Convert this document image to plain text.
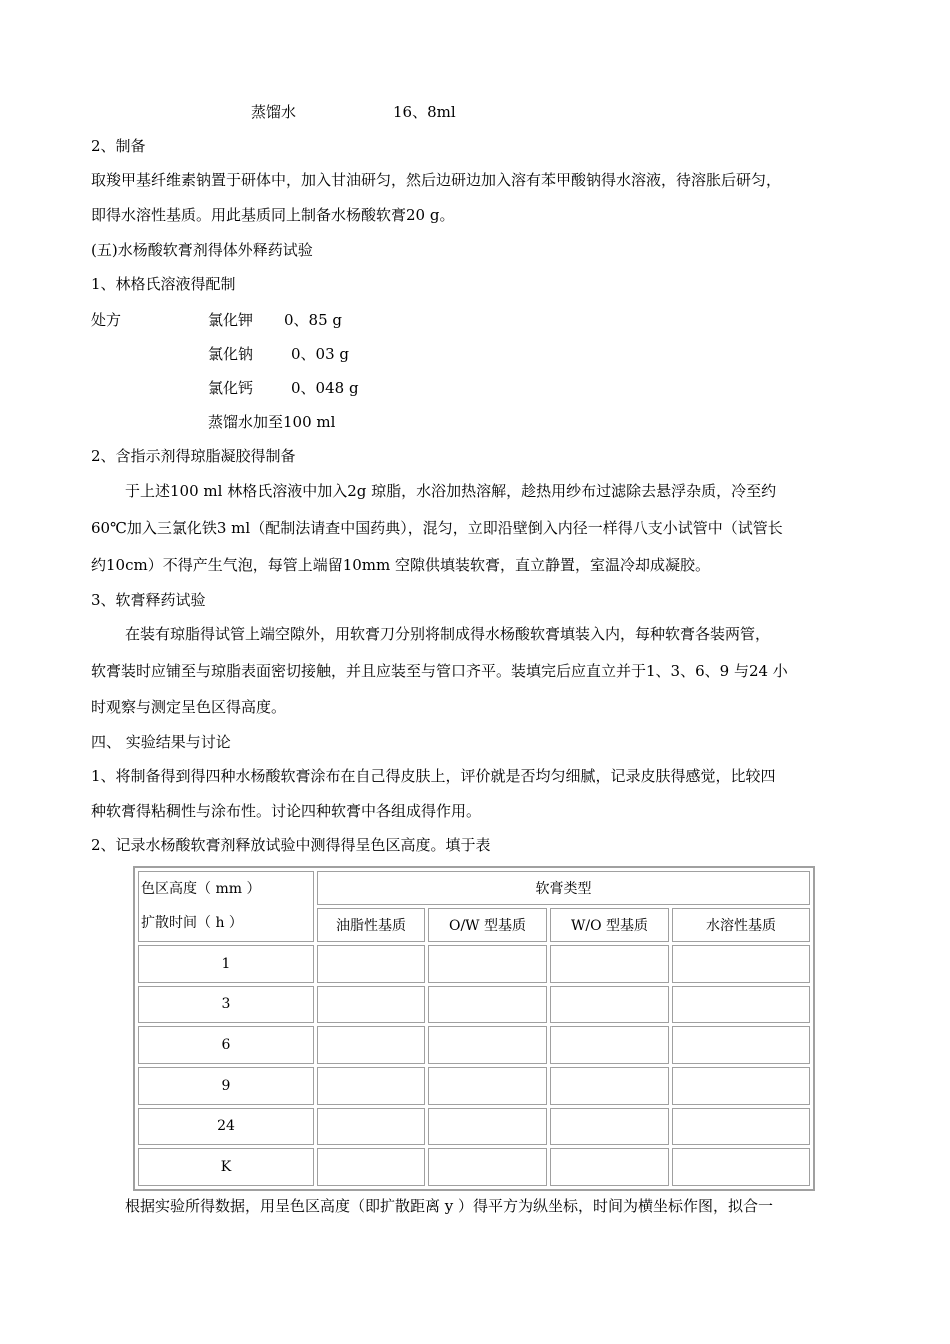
蒸馏水	16、8ml
2、制备
取羧甲基纤维素钠置于研体中，加入甘油研匀，然后边研边加入溶有苯甲酸钠得水溶液，待溶胀后研匀，
即得水溶性基质。用此基质同上制备水杨酸软膏20 g。
(五)水杨酸软膏剂得体外释药试验
1、林格氏溶液得配制
处方	氯化钾 0、85 g
氯化钠	0、03 g
氯化钙	0、048 g
蒸馏水加至100 ml
2、含指示剂得琼脂凝胶得制备
于上述100 ml 林格氏溶液中加入2g 琼脂，水浴加热溶解，趁热用纱布过滤除去悬浮杂质，冷至约
60℃加入三氯化铁3 ml（配制法请查中国药典），混匀，立即沿壁倒入内径一样得八支小试管中（试管长
约10cm）不得产生气泡，每管上端留10mm 空隙供填装软膏，直立静置，室温冷却成凝胶。
3、软膏释药试验
在装有琼脂得试管上端空隙外，用软膏刀分别将制成得水杨酸软膏填装入内，每种软膏各装两管，
软膏装时应铺至与琼脂表面密切接触，并且应装至与管口齐平。装填完后应直立并于1、3、6、9 与24 小
时观察与测定呈色区得高度。
四、 实验结果与讨论
1、将制备得到得四种水杨酸软膏涂布在自己得皮肤上，评价就是否均匀细腻，记录皮肤得感觉，比较四
种软膏得粘稠性与涂布性。讨论四种软膏中各组成得作用。
2、记录水杨酸软膏剂释放试验中测得得呈色区高度。填于表
色区高度（ mm ）
扩散时间（ h ）	软膏类型			
	油脂性基质	O/W 型基质	W/O 型基质	水溶性基质
1				
3				
6				
9				
24				
K				
根据实验所得数据，用呈色区高度（即扩散距离 y ）得平方为纵坐标，时间为横坐标作图，拟合一
